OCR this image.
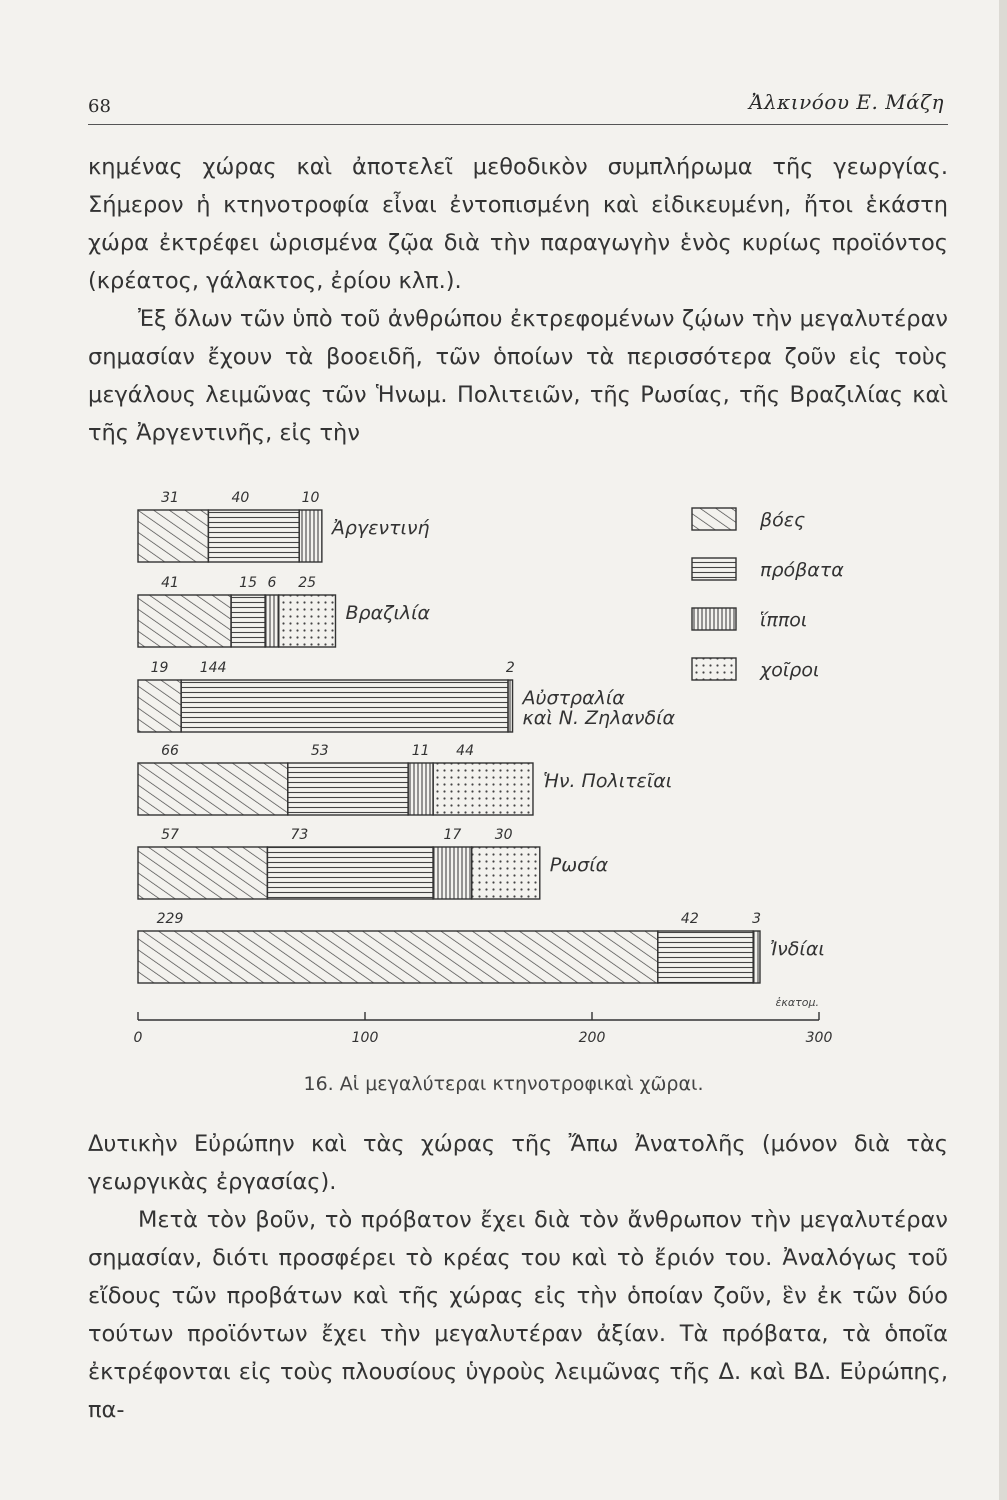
68	Ἀλκινόου Ε. Μάζη
κημένας χώρας καὶ ἀποτελεῖ μεθοδικὸν συμπλήρωμα τῆς γεωργίας. Σήμερον ἡ κτηνοτροφία εἶναι ἐντοπισμένη καὶ εἰδικευμένη, ἤτοι ἑκάστη χώρα ἐκτρέφει ὡρισμένα ζῷα διὰ τὴν παραγωγὴν ἑνὸς κυρίως προϊόντος (κρέατος, γάλακτος, ἐρίου κλπ.).
Ἐξ ὅλων τῶν ὑπὸ τοῦ ἀνθρώπου ἐκτρεφομένων ζῴων τὴν μεγαλυτέραν σημασίαν ἔχουν τὰ βοοειδῆ, τῶν ὁποίων τὰ περισσότερα ζοῦν εἰς τοὺς μεγάλους λειμῶνας τῶν Ἡνωμ. Πολιτειῶν, τῆς Ρωσίας, τῆς Βραζιλίας καὶ τῆς Ἀργεντινῆς, εἰς τὴν
31	40	10
Ἀργεντινή
41	15 6 25
Βραζιλία
19 144	2
Αὐστραλία
καὶ Ν. Ζηλανδία
66	53	11 44
Ἡν. Πολιτεῖαι
57	73	17 30
Ρωσία
229	42	3
Ἰνδίαι
βόες
πρόβατα
ἵπποι
χοῖροι
0	100	200	300
ἑκατομ.
16. Αἱ μεγαλύτεραι κτηνοτροφικαὶ χῶραι.
Δυτικὴν Εὐρώπην καὶ τὰς χώρας τῆς Ἄπω Ἀνατολῆς (μόνον διὰ τὰς γεωργικὰς ἐργασίας).
Μετὰ τὸν βοῦν, τὸ πρόβατον ἔχει διὰ τὸν ἄνθρωπον τὴν μεγαλυτέραν σημασίαν, διότι προσφέρει τὸ κρέας του καὶ τὸ ἔριόν του. Ἀναλόγως τοῦ εἴδους τῶν προβάτων καὶ τῆς χώρας εἰς τὴν ὁποίαν ζοῦν, ἓν ἐκ τῶν δύο τούτων προϊόντων ἔχει τὴν μεγαλυτέραν ἀξίαν. Τὰ πρόβατα, τὰ ὁποῖα ἐκτρέφονται εἰς τοὺς πλουσίους ὑγροὺς λειμῶνας τῆς Δ. καὶ ΒΔ. Εὐρώπης, πα-
